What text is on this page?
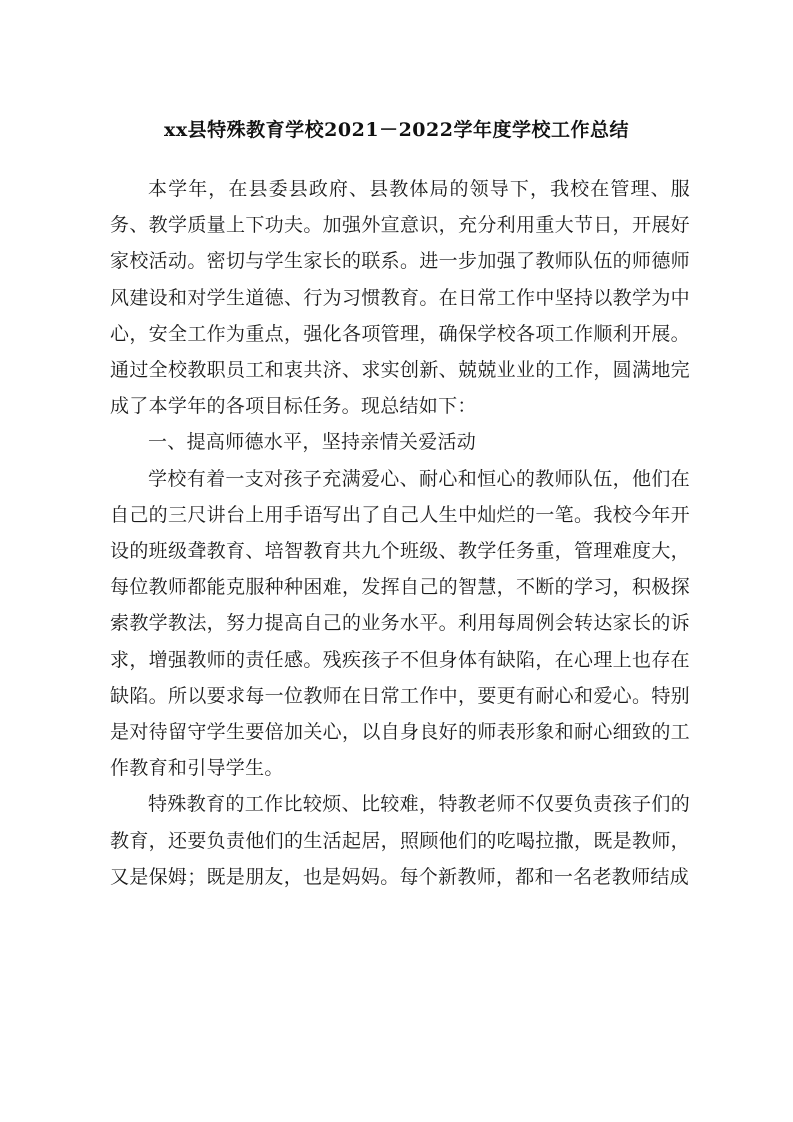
xx县特殊教育学校2021－2022学年度学校工作总结

本学年，在县委县政府、县教体局的领导下，我校在管理、服务、教学质量上下功夫。加强外宣意识，充分利用重大节日，开展好家校活动。密切与学生家长的联系。进一步加强了教师队伍的师德师风建设和对学生道德、行为习惯教育。在日常工作中坚持以教学为中心，安全工作为重点，强化各项管理，确保学校各项工作顺利开展。通过全校教职员工和衷共济、求实创新、兢兢业业的工作，圆满地完成了本学年的各项目标任务。现总结如下：

一、提高师德水平，坚持亲情关爱活动

学校有着一支对孩子充满爱心、耐心和恒心的教师队伍，他们在自己的三尺讲台上用手语写出了自己人生中灿烂的一笔。我校今年开设的班级聋教育、培智教育共九个班级、教学任务重，管理难度大，每位教师都能克服种种困难，发挥自己的智慧，不断的学习，积极探索教学教法，努力提高自己的业务水平。利用每周例会转达家长的诉求，增强教师的责任感。残疾孩子不但身体有缺陷，在心理上也存在缺陷。所以要求每一位教师在日常工作中，要更有耐心和爱心。特别是对待留守学生要倍加关心，以自身良好的师表形象和耐心细致的工作教育和引导学生。

特殊教育的工作比较烦、比较难，特教老师不仅要负责孩子们的教育，还要负责他们的生活起居，照顾他们的吃喝拉撒，既是教师，又是保姆；既是朋友，也是妈妈。每个新教师，都和一名老教师结成
